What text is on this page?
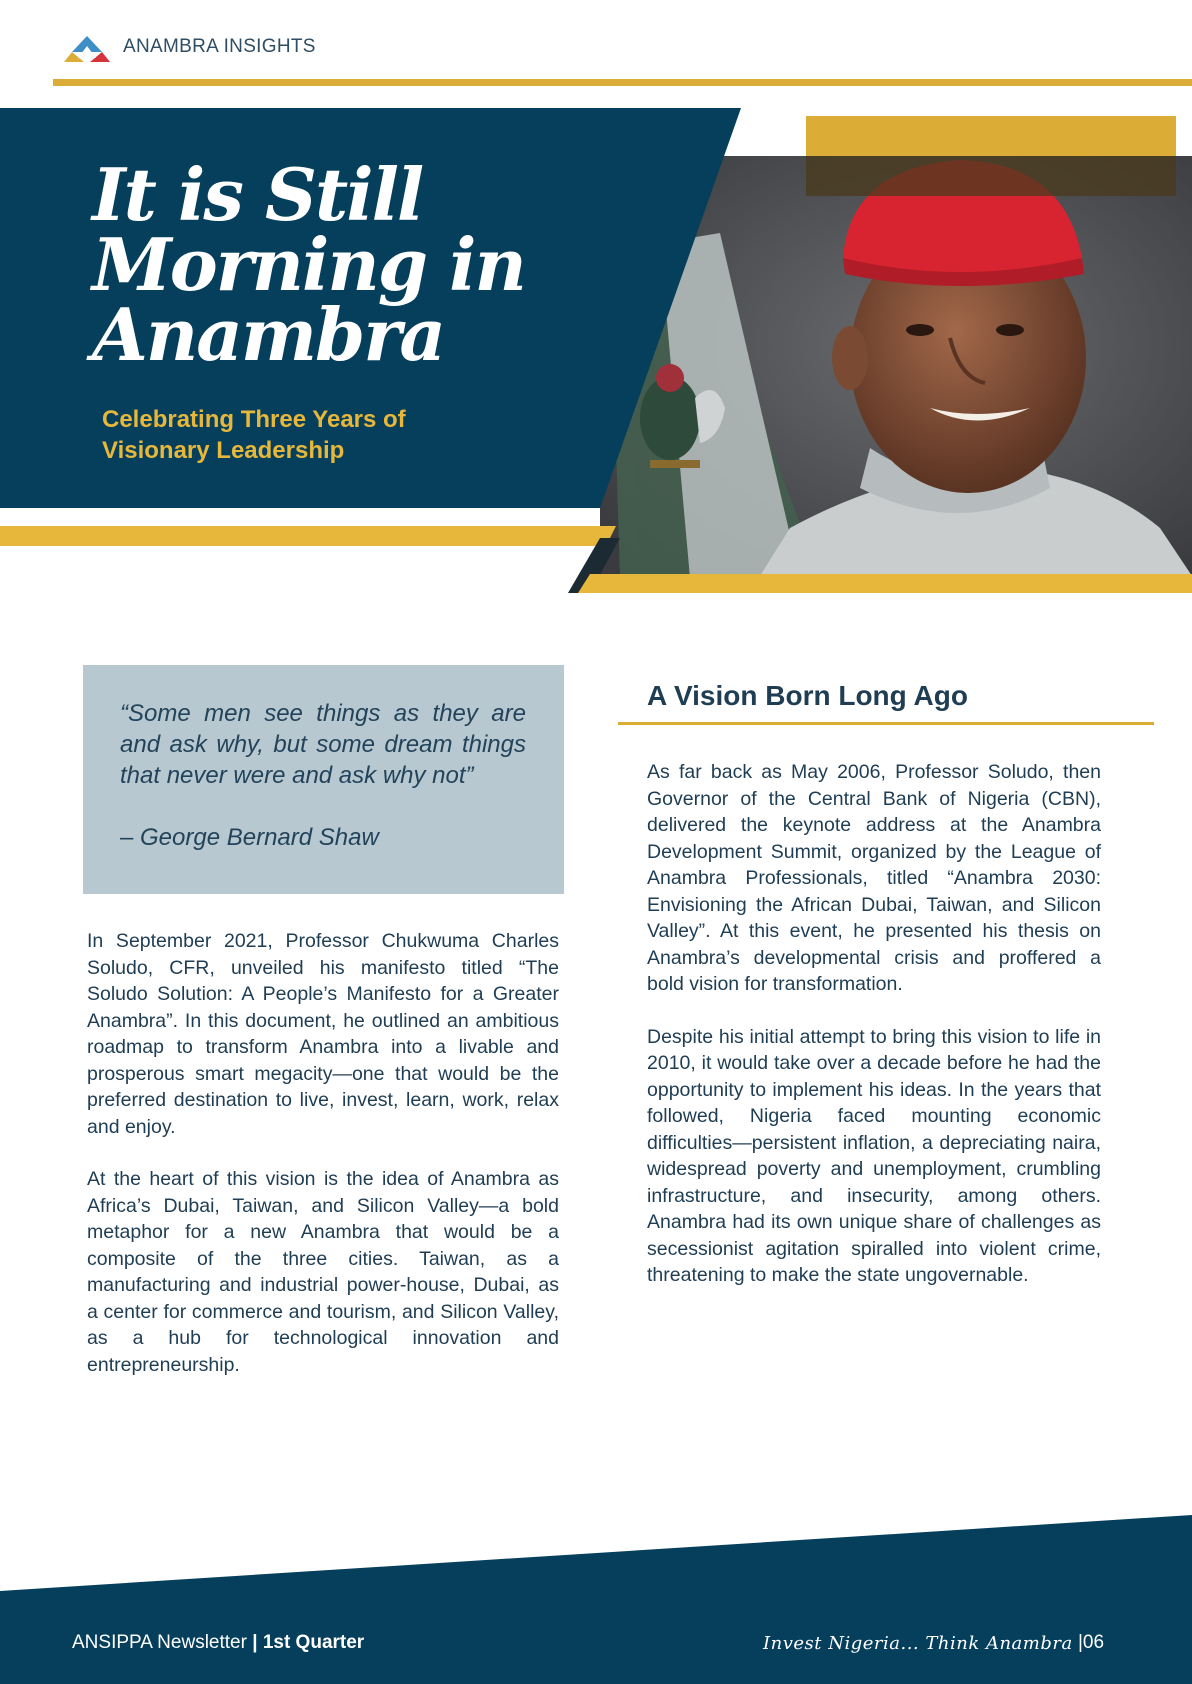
ANAMBRA INSIGHTS
It is Still
Morning in
Anambra
Celebrating Three Years of
Visionary Leadership
“Some men see things as they are and ask why, but some dream things that never were and ask why not”
– George Bernard Shaw

In September 2021, Professor Chukwuma Charles Soludo, CFR, unveiled his manifesto titled “The Soludo Solution: A People’s Manifesto for a Greater Anambra”. In this document, he outlined an ambitious roadmap to transform Anambra into a livable and prosperous smart megacity—one that would be the preferred destination to live, invest, learn, work, relax and enjoy.

At the heart of this vision is the idea of Anambra as Africa’s Dubai, Taiwan, and Silicon Valley—a bold metaphor for a new Anambra that would be a composite of the three cities. Taiwan, as a manufacturing and industrial power-house, Dubai, as a center for commerce and tourism, and Silicon Valley, as a hub for technological innovation and entrepreneurship.

A Vision Born Long Ago

As far back as May 2006, Professor Soludo, then Governor of the Central Bank of Nigeria (CBN), delivered the keynote address at the Anambra Development Summit, organized by the League of Anambra Professionals, titled “Anambra 2030: Envisioning the African Dubai, Taiwan, and Silicon Valley”. At this event, he presented his thesis on Anambra’s developmental crisis and proffered a bold vision for transformation.

Despite his initial attempt to bring this vision to life in 2010, it would take over a decade before he had the opportunity to implement his ideas. In the years that followed, Nigeria faced mounting economic difficulties—persistent inflation, a depreciating naira, widespread poverty and unemployment, crumbling infrastructure, and insecurity, among others. Anambra had its own unique share of challenges as secessionist agitation spiralled into violent crime, threatening to make the state ungovernable.

ANSIPPA Newsletter | 1st Quarter	Invest Nigeria... Think Anambra |06
